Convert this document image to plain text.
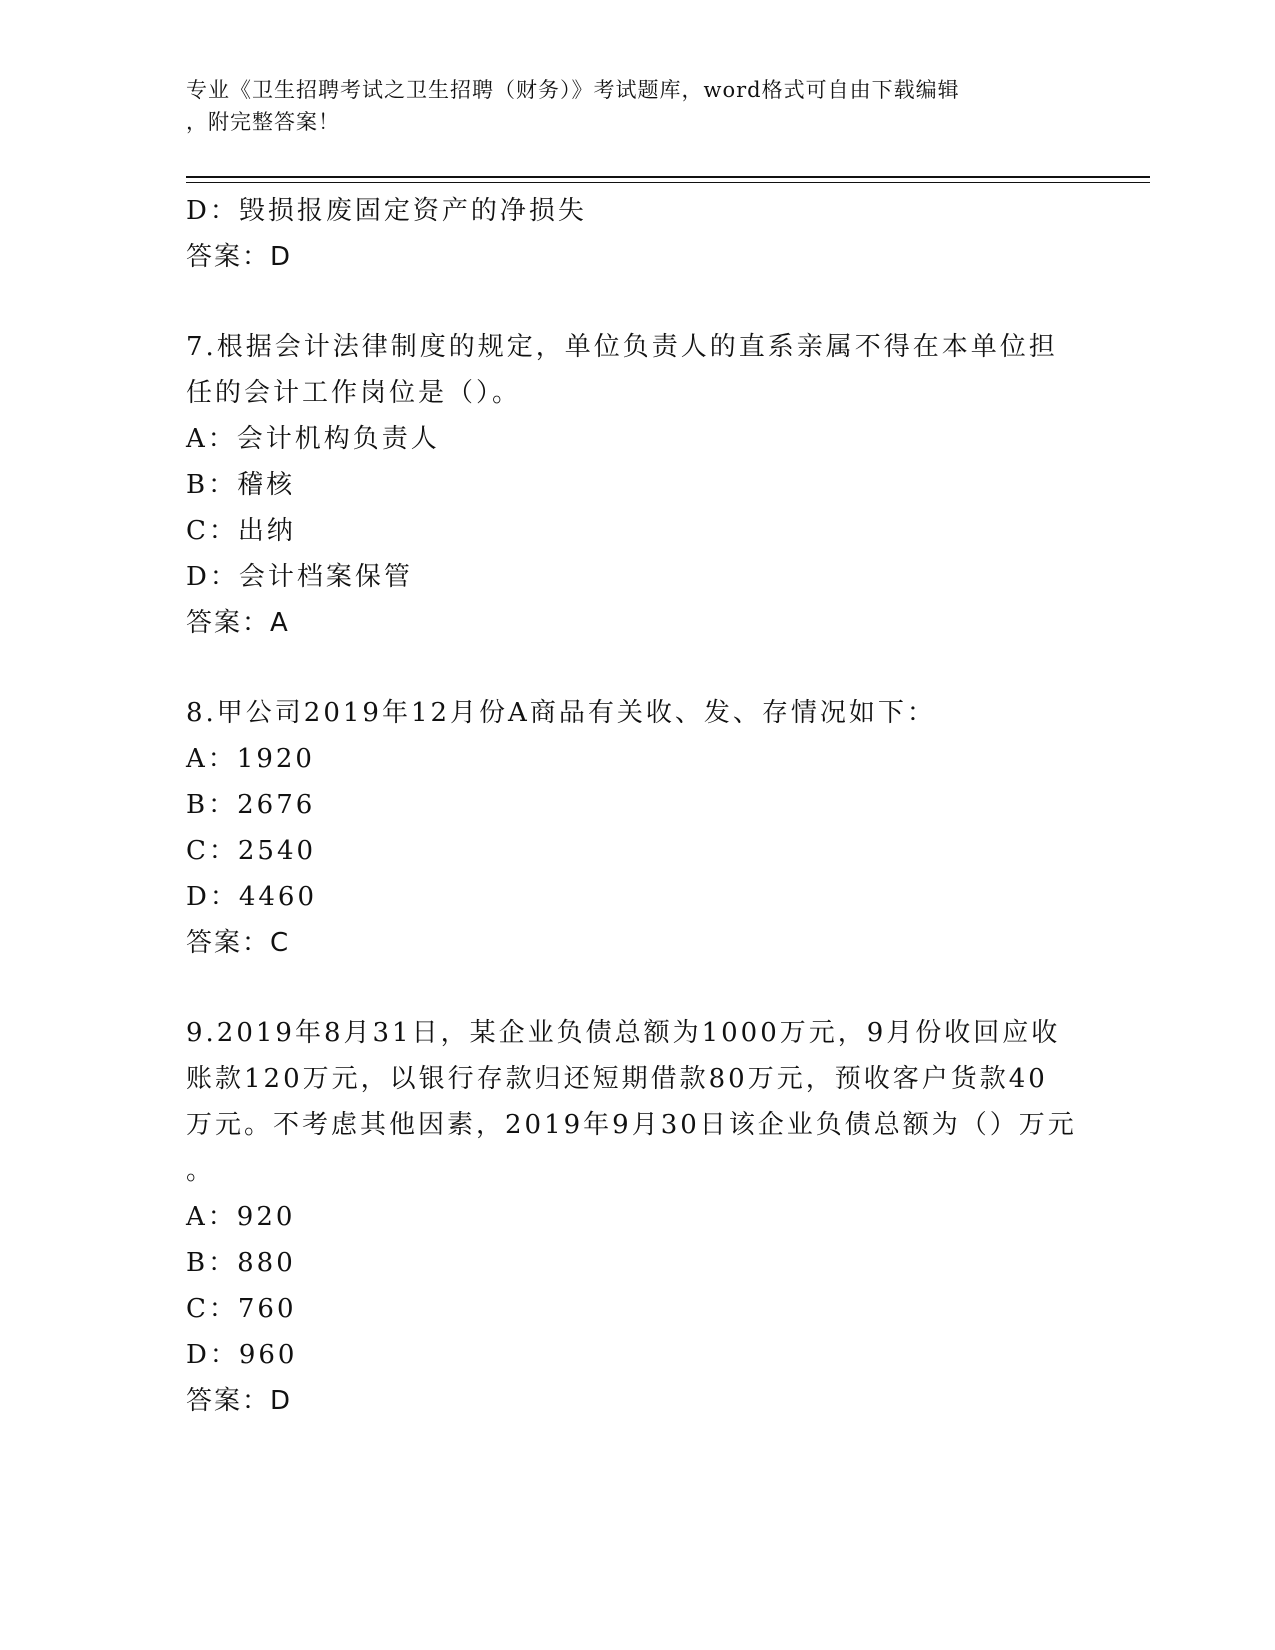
专业《卫生招聘考试之卫生招聘（财务）》考试题库，word格式可自由下载编辑
，附完整答案！
D：毁损报废固定资产的净损失
答案：D
7.根据会计法律制度的规定，单位负责人的直系亲属不得在本单位担
任的会计工作岗位是（）。
A：会计机构负责人
B：稽核
C：出纳
D：会计档案保管
答案：A
8.甲公司2019年12月份A商品有关收、发、存情况如下：
A：1920
B：2676
C：2540
D：4460
答案：C
9.2019年8月31日，某企业负债总额为1000万元，9月份收回应收
账款120万元，以银行存款归还短期借款80万元，预收客户货款40
万元。不考虑其他因素，2019年9月30日该企业负债总额为（）万元
。
A：920
B：880
C：760
D：960
答案：D
